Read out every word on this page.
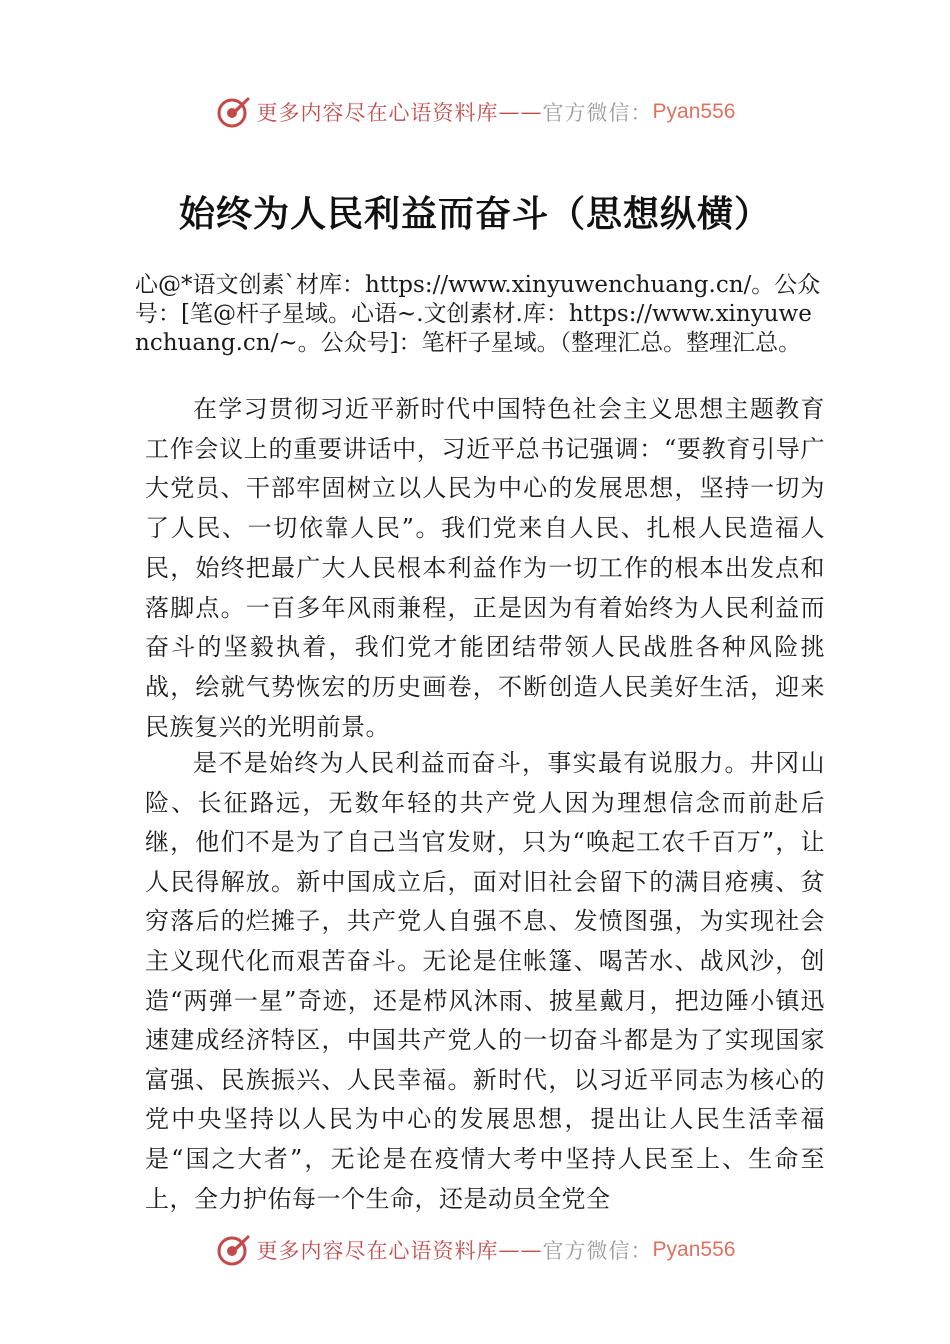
更多内容尽在心语资料库 —— 官方微信： Pyan556
始终为人民利益而奋斗（思想纵横）
心@*语文创素`材库：https://www.xinyuwenchuang.cn/。公众号：[笔@杆子星域。心语~.文创素材.库：https://www.xinyuwenchuang.cn/~。公众号]：笔杆子星域。（整理汇总。整理汇总。

在学习贯彻习近平新时代中国特色社会主义思想主题教育工作会议上的重要讲话中，习近平总书记强调：“要教育引导广大党员、干部牢固树立以人民为中心的发展思想，坚持一切为了人民、一切依靠人民”。我们党来自人民、扎根人民造福人民，始终把最广大人民根本利益作为一切工作的根本出发点和落脚点。一百多年风雨兼程，正是因为有着始终为人民利益而奋斗的坚毅执着，我们党才能团结带领人民战胜各种风险挑战，绘就气势恢宏的历史画卷，不断创造人民美好生活，迎来民族复兴的光明前景。

是不是始终为人民利益而奋斗，事实最有说服力。井冈山险、长征路远，无数年轻的共产党人因为理想信念而前赴后继，他们不是为了自己当官发财，只为“唤起工农千百万”，让人民得解放。新中国成立后，面对旧社会留下的满目疮痍、贫穷落后的烂摊子，共产党人自强不息、发愤图强，为实现社会主义现代化而艰苦奋斗。无论是住帐篷、喝苦水、战风沙，创造“两弹一星”奇迹，还是栉风沐雨、披星戴月，把边陲小镇迅速建成经济特区，中国共产党人的一切奋斗都是为了实现国家富强、民族振兴、人民幸福。新时代，以习近平同志为核心的党中央坚持以人民为中心的发展思想，提出让人民生活幸福是“国之大者”，无论是在疫情大考中坚持人民至上、生命至上，全力护佑每一个生命，还是动员全党全

更多内容尽在心语资料库 —— 官方微信： Pyan556
